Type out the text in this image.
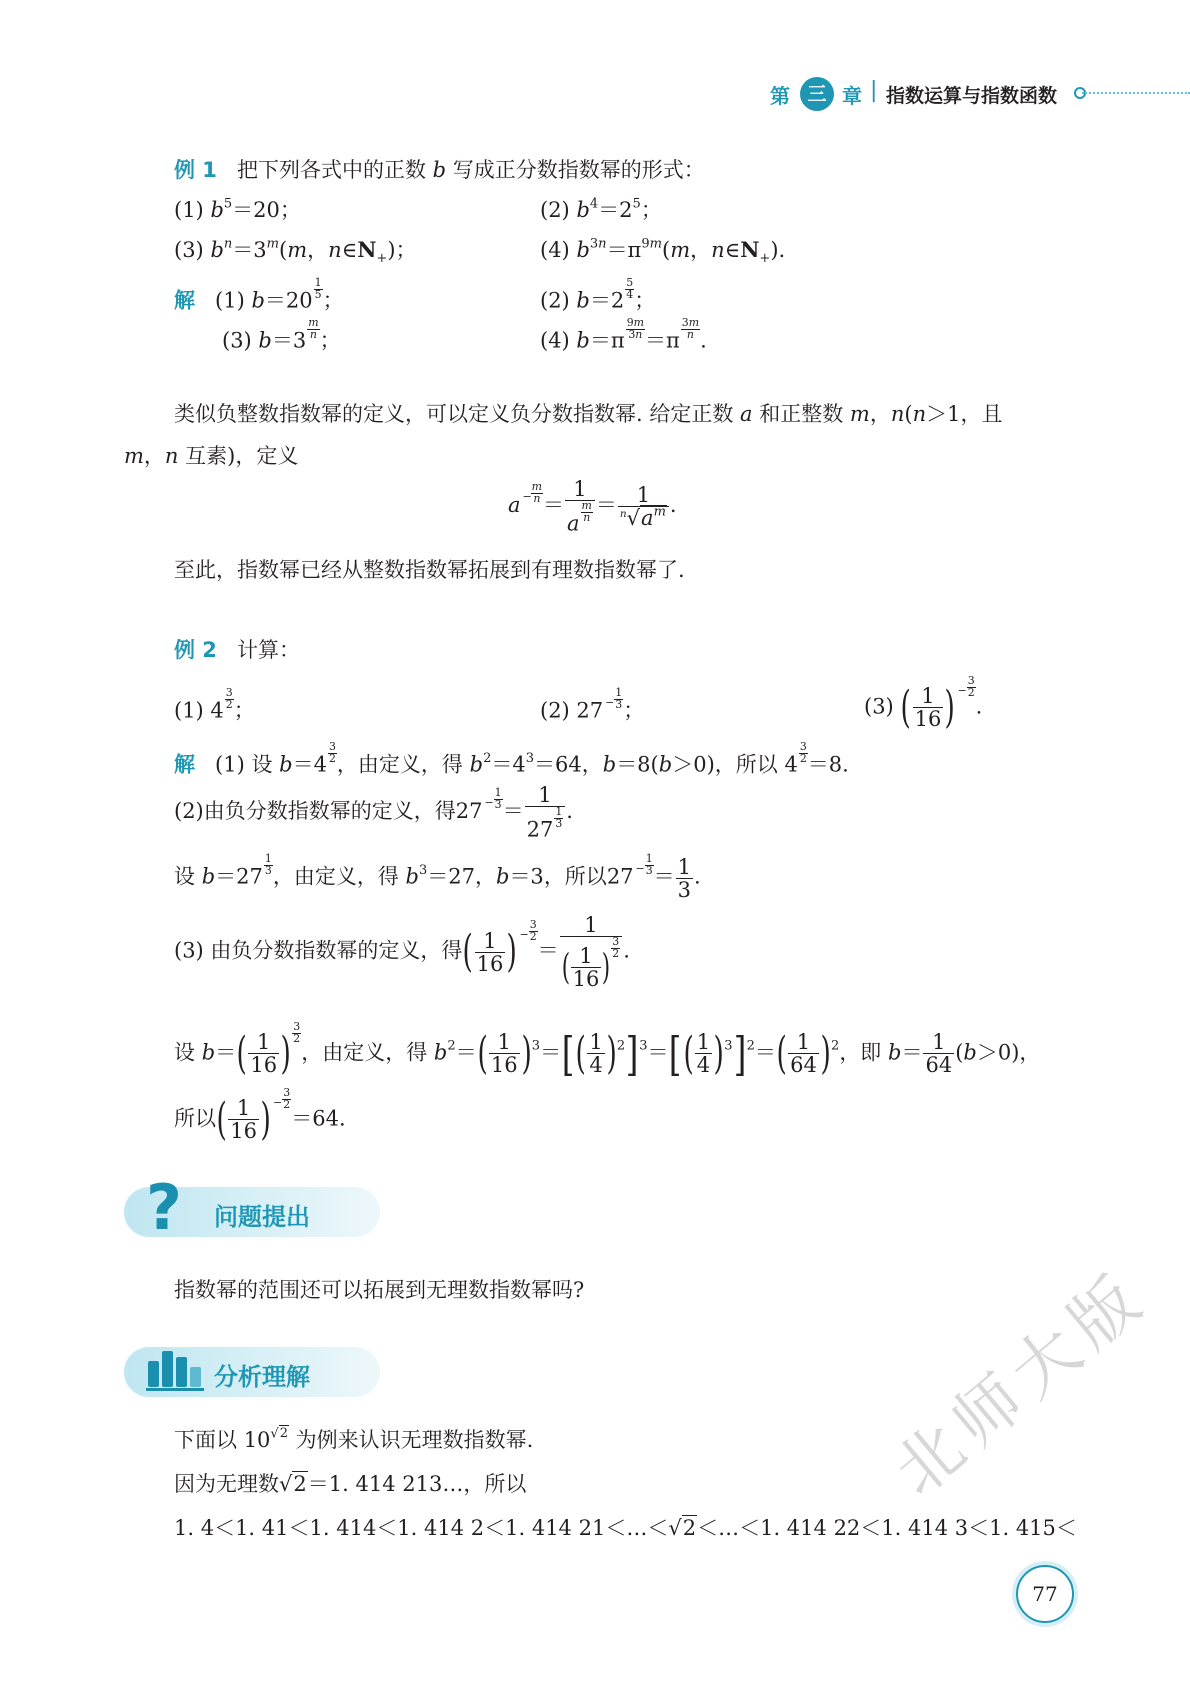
第 三 章 | 指数运算与指数函数
例 1 把下列各式中的正数 b 写成正分数指数幂的形式：
(1) $b^5=20$；	(2) $b^4=2^5$；
(3) $b^n=3^m(m$，$n\in N_+$)；	(4) $b^{3n}=\pi^{9m}(m$，$n\in N_+$).
解   (1) $b=20 \frac{1}{5}$ ；	(2) $b=2 \frac{5}{4}$ ；
(3) $b=3 \frac{m}{n}$ ；	(4) $b=\pi \frac{9m}{3n} =\pi \frac{3m}{n}$ .
类似负整数指数幂的定义，可以定义负分数指数幂. 给定正数 a 和正整数 m，n(n＞1，且
m，n 互素)，定义
$a - \frac{m}{n} = \frac{1}{a \frac{m}{n}} = \frac{1}{^n√a^m}$ .
至此，指数幂已经从整数指数幂拓展到有理数指数幂了.
例 2 计算：
(1) $4 \frac{3}{2}$ ；	(2) $27 - \frac{1}{3}$ ；	(3) ( $\frac{1}{16}$ ) − $\frac{3}{2}$
.
解   (1) 设 $b=4 \frac{3}{2}$ ，由定义，得 $b^2=4^3=64$，b＝8(b＞0)，所以 $4 \frac{3}{2} =8$.
(2)由负分数指数幂的定义，得$27 - \frac{1}{3} = \frac{1}{27 \frac{1}{3}}$ .
设 $b=27 \frac{1}{3}$ ，由定义，得 $b^3=27$，b＝3，所以$27 - \frac{1}{3} = \frac{1}{3}$ .
(3) 由负分数指数幂的定义，得( $\frac{1}{16}$ ) − $\frac{3}{2}$
＝ $\frac{1}{( \frac{1}{16} ) \frac{3}{2}}$ .
设 $b=( \frac{1}{16}$ ) $\frac{3}{2}$
，由定义，得 $b^2=( \frac{1}{16} )^3=[( \frac{1}{4} )^2]^3=[( \frac{1}{4} )^3]^2=( \frac{1}{64} )^2$，即 $b= \frac{1}{64} (b>0)$，
所以( $\frac{1}{16}$ ) − $\frac{3}{2}$
＝64.
? 问题提出
指数幂的范围还可以拓展到无理数指数幂吗?
分析理解
下面以 $10^{√2}$ 为例来认识无理数指数幂.
因为无理数√2＝1. 414 213…，所以
1. 4＜1. 41＜1. 414＜1. 414 2＜1. 414 21＜…＜√2＜…＜1. 414 22＜1. 414 3＜1. 415＜
77
北师大版
